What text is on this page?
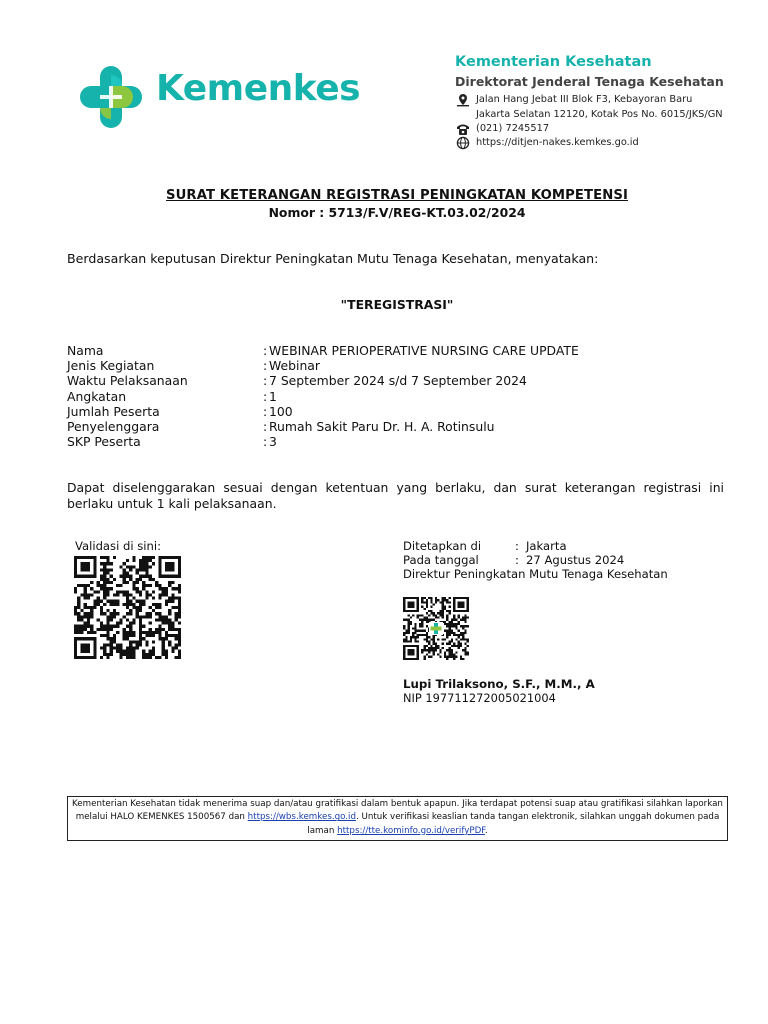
Kemenkes
Kementerian Kesehatan
Direktorat Jenderal Tenaga Kesehatan
Jalan Hang Jebat III Blok F3, Kebayoran Baru
Jakarta Selatan 12120, Kotak Pos No. 6015/JKS/GN
(021) 7245517
https://ditjen-nakes.kemkes.go.id
SURAT KETERANGAN REGISTRASI PENINGKATAN KOMPETENSI
Nomor : 5713/F.V/REG-KT.03.02/2024
Berdasarkan keputusan Direktur Peningkatan Mutu Tenaga Kesehatan, menyatakan:
"TEREGISTRASI"
Nama	: WEBINAR PERIOPERATIVE NURSING CARE UPDATE
Jenis Kegiatan	: Webinar
Waktu Pelaksanaan	: 7 September 2024 s/d 7 September 2024
Angkatan	: 1
Jumlah Peserta	: 100
Penyelenggara	: Rumah Sakit Paru Dr. H. A. Rotinsulu
SKP Peserta	: 3
Dapat diselenggarakan sesuai dengan ketentuan yang berlaku, dan surat keterangan registrasi ini berlaku untuk 1 kali pelaksanaan.
Validasi di sini:	Ditetapkan di	: Jakarta
Pada tanggal	: 27 Agustus 2024
Direktur Peningkatan Mutu Tenaga Kesehatan
Lupi Trilaksono, S.F., M.M., A
NIP 197711272005021004
Kementerian Kesehatan tidak menerima suap dan/atau gratifikasi dalam bentuk apapun. Jika terdapat potensi suap atau gratifikasi silahkan laporkan melalui HALO KEMENKES 1500567 dan https://wbs.kemkes.go.id. Untuk verifikasi keaslian tanda tangan elektronik, silahkan unggah dokumen pada laman https://tte.kominfo.go.id/verifyPDF.
